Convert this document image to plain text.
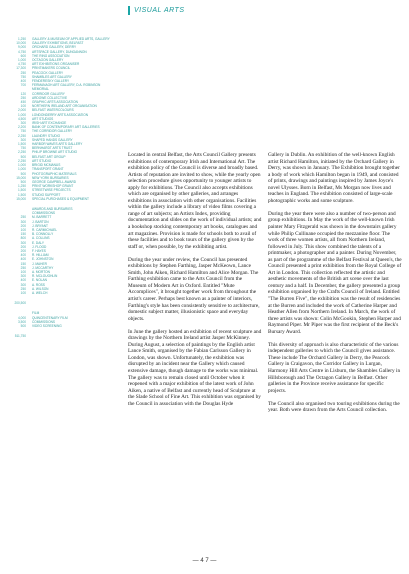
VISUAL ARTS
1,250	GALLERY & MUSEUM OF APPLIED ARTS, GALLERY
10,000	GALLERY EXHIBITIONS, BELFAST
9,000	ORCHARD GALLERY, DERRY
4,750	ARTSPACE GALLERY, DUNGANNON
600	THE RING ASSOCIATION
1,000	OCTAGON GALLERY
4,750	ART EXHIBITIONS ORGANISER
17,300	PRINTMAKERS COUNCIL
250	PEACOCK GALLERY
750	SHAMBLES ART GALLERY
400	FENDERESKY GALLERY
700	FERMANAGH ART GALLERY, D.A. ROBINSON
MEMORIAL
120	CORRIDOR GALLERY
250	ARDOWE COLLECTIVE
450	GRAPHIC ARTS ASSOCIATION
100	NORTHERN IRELAND ART ORGANISATION
2,000	BELFAST WATERCOLOURS
1,000	LONDONDERRY ARTS ASSOCIATION
4,500	ART STUDIOS
300	IRISH ART EXCHANGE
2,200	BANK OF CONTEMPORARY ART GALLERIES
750	THE CORRIDOR GALLERY
2,250	LAUNDRY STUDIO
300	SHAPED HANDS GALLERY
1,500	HARBOR WAVES ARTS GALLERY
750	BERNHARDT ARTS TRUST
2,250	PHILIP BROWNE ART STUDIO
500	BELFAST ART GROUP
2,250	ART STUDIO
1,000	BRIGID MCMANUS
1,000	TRANSPORT GRANT
500	PHOTOGRAPHIC MATERIALS
15,000	NEW YORK BURSARIES
500	GEORGE CAMPBELL AWARD
1,250	PRINT WORKSHOP GRANT
1,500	STREETWISE PROJECTS
1,500	STUDIO SUPPORT
15,000	SPECIAL PURCHASES & EQUIPMENT
AWARDS AND BURSARIES
COMMISSIONS
250	M. BARRETT
300	J. BARTON
200	J. BRYANT
100	R. CARMICHAEL
150	B. CONNOLLY
800	A. COLLINS
300	E. DALY
200	J. FLOOD
200	F. HAYES
400	R. HILLIAM
400	E. JOHNSTON
150	J. MAHER
250	J. MCCARTHY
100	A. MORTON
300	R. MCLOUGHLIN
400	E. NOLAN
300	A. ROSS
250	A. WILSON
100	A. WELCH
200,500
FILM
4,000	QUINCENTENARY FILM
3,500	COMMISSIONS
500	VIDEO SCREENING
511,750

Located in central Belfast, the Arts Council Gallery presents exhibitions of contemporary Irish and International Art. The exhibition policy of the Council is diverse and broadly based. Artists of reputation are invited to show, while the yearly open selection procedure gives opportunity to younger artists to apply for exhibitions. The Council also accepts exhibitions which are organised by other galleries, and arranges exhibitions in association with other organisations. Facilities within the gallery include a library of video films covering a range of art subjects; an Artists Index, providing documentation and slides on the work of individual artists; and a bookshop stocking contemporary art books, catalogues and art magazines. Provision is made for schools both to avail of these facilities and to book tours of the gallery given by the staff or, when possible, by the exhibiting artist.

During the year under review, the Council has presented exhibitions by Stephen Farthing, Jasper McKeown, Lance Smith, John Aiken, Richard Hamilton and Alice Morgan. The Farthing exhibition came to the Arts Council from the Museum of Modern Art in Oxford. Entitled "Mute Accomplices", it brought together work from throughout the artist's career. Perhaps best known as a painter of interiors, Farthing's style has been consistently sensitive to architecture, domestic subject matter, illusionistic space and everyday objects.

In June the gallery hosted an exhibition of recent sculpture and drawings by the Northern Ireland artist Jasper McKinney. During August, a selection of paintings by the English artist Lance Smith, organised by the Fabian Carlsson Gallery in London, was shown. Unfortunately, the exhibition was disrupted by an incident near the Gallery which caused extensive damage, though damage to the works was minimal. The gallery was to remain closed until October when it reopened with a major exhibition of the latest work of John Aiken, a native of Belfast and currently head of Sculpture at the Slade School of Fine Art. This exhibition was organised by the Council in association with the Douglas Hyde

Gallery in Dublin. An exhibition of the well-known English artist Richard Hamilton, initiated by the Orchard Gallery in Derry, was shown in January. The Exhibition brought together a body of work which Hamilton began in 1949, and consisted of prints, drawings and paintings inspired by James Joyce's novel Ulysses. Born in Belfast, Ms Morgan now lives and teaches in England. The exhibition consisted of large-scale photographic works and some sculpture.

During the year there were also a number of two-person and group exhibitions. In May the work of the well-known Irish painter Mary Fitzgerald was shown in the downstairs gallery while Philip Cullinane occupied the mezzanine floor. The work of three women artists, all from Northern Ireland, followed in July. This show combined the talents of a printmaker, a photographer and a painter. During November, as part of the programme of the Belfast Festival at Queen's, the Council presented a print exhibition from the Royal College of Art in London. This collection reflected the artistic and aesthetic movements of the British art scene over the last century and a half. In December, the gallery presented a group exhibition organised by the Crafts Council of Ireland. Entitled "The Burren Five", the exhibition was the result of residencies at the Burren and included the work of Catherine Harper and Heather Allen from Northern Ireland. In March, the work of three artists was shown: Colin McGookin, Stephen Harper and Raymond Piper. Mr Piper was the first recipient of the Beck's Bursary Award.

This diversity of approach is also characteristic of the various independent galleries to which the Council gives assistance. These include The Orchard Gallery in Derry, the Peacock Gallery in Craigavon, the Corridor Gallery in Lurgan, Harmony Hill Arts Centre in Lisburn, the Shambles Gallery in Hillsborough and The Octagon Gallery in Belfast. Other galleries in the Province receive assistance for specific projects.

The Council also organised two touring exhibitions during the year. Both were drawn from the Arts Council collection.

— 4 7 —
